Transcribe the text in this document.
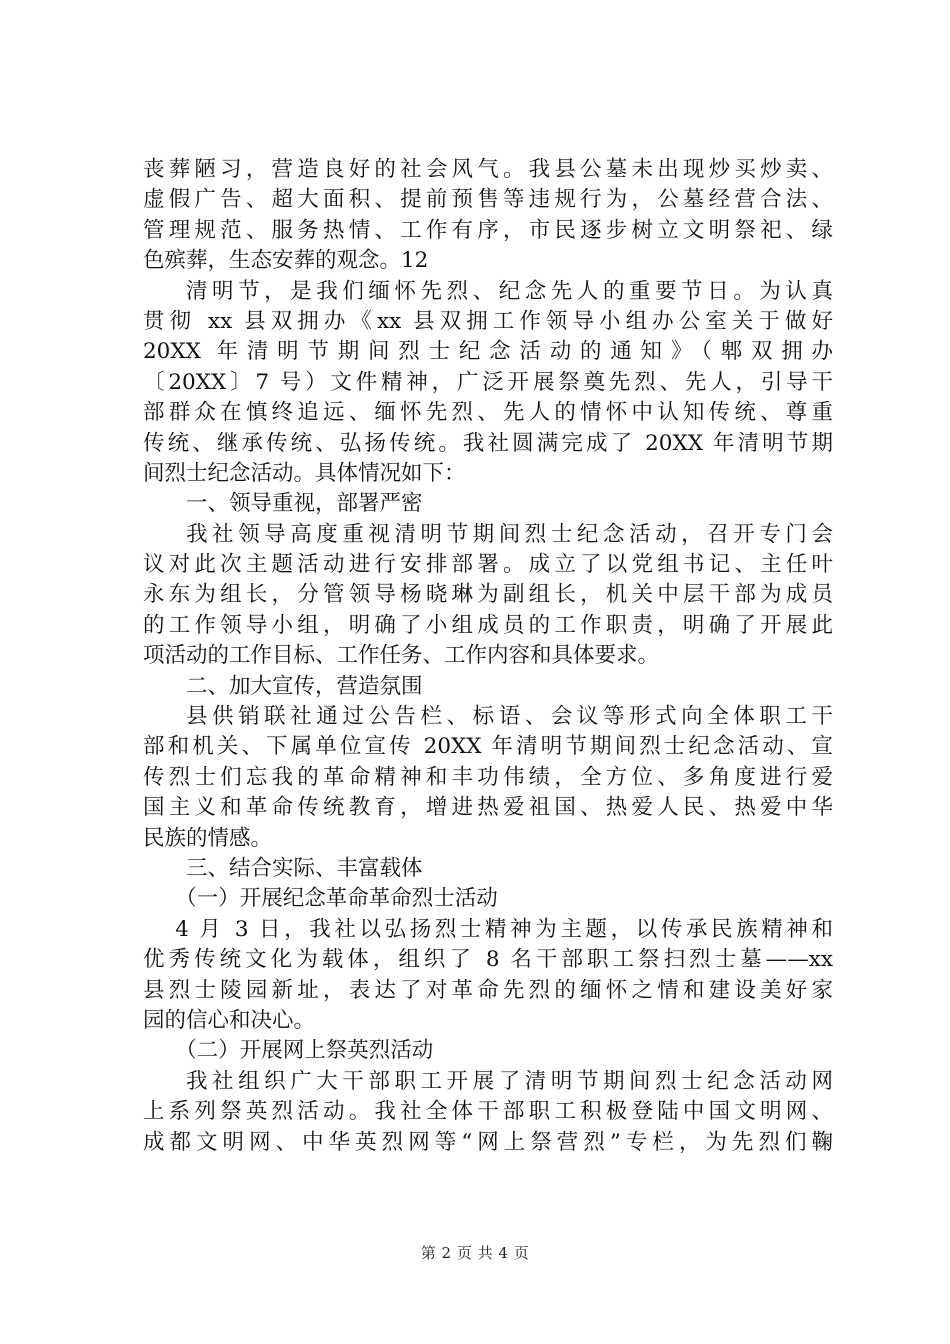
丧葬陋习，营造良好的社会风气。我县公墓未出现炒买炒卖、
虚假广告、超大面积、提前预售等违规行为，公墓经营合法、
管理规范、服务热情、工作有序，市民逐步树立文明祭祀、绿
色殡葬，生态安葬的观念。12
清明节，是我们缅怀先烈、纪念先人的重要节日。为认真
贯彻 xx 县双拥办《xx 县双拥工作领导小组办公室关于做好
20XX 年清明节期间烈士纪念活动的通知》（郫双拥办
〔20XX〕7 号）文件精神，广泛开展祭奠先烈、先人，引导干
部群众在慎终追远、缅怀先烈、先人的情怀中认知传统、尊重
传统、继承传统、弘扬传统。我社圆满完成了 20XX 年清明节期
间烈士纪念活动。具体情况如下：
一、领导重视，部署严密
我社领导高度重视清明节期间烈士纪念活动，召开专门会
议对此次主题活动进行安排部署。成立了以党组书记、主任叶
永东为组长，分管领导杨晓琳为副组长，机关中层干部为成员
的工作领导小组，明确了小组成员的工作职责，明确了开展此
项活动的工作目标、工作任务、工作内容和具体要求。
二、加大宣传，营造氛围
县供销联社通过公告栏、标语、会议等形式向全体职工干
部和机关、下属单位宣传 20XX 年清明节期间烈士纪念活动、宣
传烈士们忘我的革命精神和丰功伟绩，全方位、多角度进行爱
国主义和革命传统教育，增进热爱祖国、热爱人民、热爱中华
民族的情感。
三、结合实际、丰富载体
（一）开展纪念革命革命烈士活动
4 月 3 日，我社以弘扬烈士精神为主题，以传承民族精神和
优秀传统文化为载体，组织了 8 名干部职工祭扫烈士墓——xx
县烈士陵园新址，表达了对革命先烈的缅怀之情和建设美好家
园的信心和决心。
（二）开展网上祭英烈活动
我社组织广大干部职工开展了清明节期间烈士纪念活动网
上系列祭英烈活动。我社全体干部职工积极登陆中国文明网、
成都文明网、中华英烈网等“网上祭营烈”专栏，为先烈们鞠
第 2 页 共 4 页
